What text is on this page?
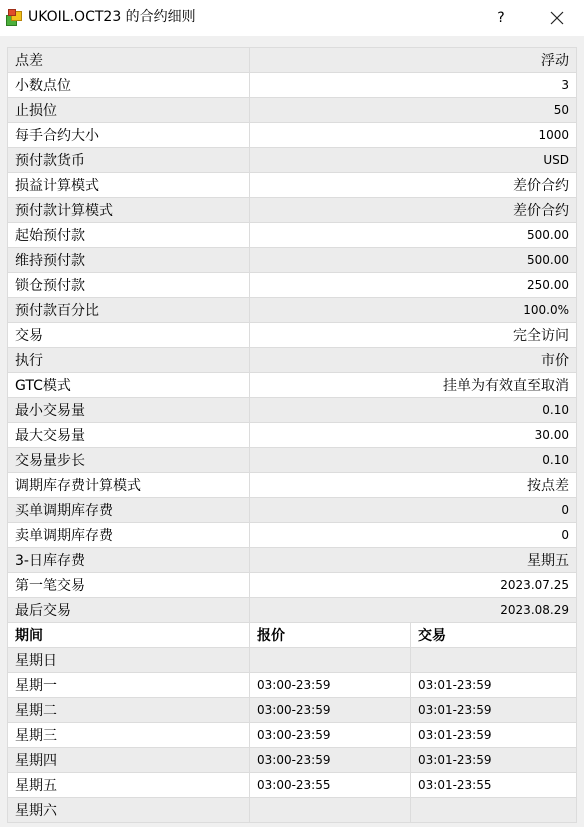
UKOIL.OCT23 的合约细则	?
点差	浮动
小数点位	3
止损位	50
每手合约大小	1000
预付款货币	USD
损益计算模式	差价合约
预付款计算模式	差价合约
起始预付款	500.00
维持预付款	500.00
锁仓预付款	250.00
预付款百分比	100.0%
交易	完全访问
执行	市价
GTC模式	挂单为有效直至取消
最小交易量	0.10
最大交易量	30.00
交易量步长	0.10
调期库存费计算模式	按点差
买单调期库存费	0
卖单调期库存费	0
3-日库存费	星期五
第一笔交易	2023.07.25
最后交易	2023.08.29
期间	报价	交易
星期日		
星期一	03:00-23:59	03:01-23:59
星期二	03:00-23:59	03:01-23:59
星期三	03:00-23:59	03:01-23:59
星期四	03:00-23:59	03:01-23:59
星期五	03:00-23:55	03:01-23:55
星期六		
